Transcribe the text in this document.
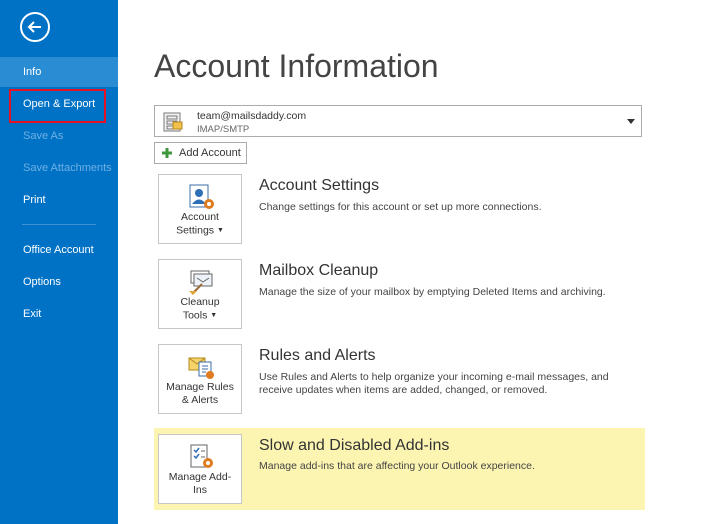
Info
Open & Export
Save As
Save Attachments
Print
Office Account
Options
Exit
Account Information
team@mailsdaddy.com
IMAP/SMTP
Add Account
Account
Settings ▼
Account Settings
Change settings for this account or set up more connections.
Cleanup
Tools ▼
Mailbox Cleanup
Manage the size of your mailbox by emptying Deleted Items and archiving.
Manage Rules
& Alerts
Rules and Alerts
Use Rules and Alerts to help organize your incoming e-mail messages, and receive updates when items are added, changed, or removed.
Manage Add-
Ins
Slow and Disabled Add-ins
Manage add-ins that are affecting your Outlook experience.
